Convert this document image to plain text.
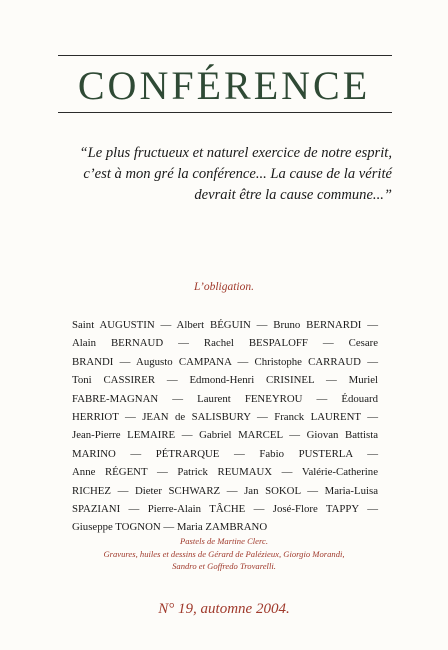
CONFÉRENCE
“Le plus fructueux et naturel exercice de notre esprit,
c’est à mon gré la conférence... La cause de la vérité
devrait être la cause commune...”
L’obligation.
Saint AUGUSTIN — Albert BÉGUIN — Bruno BERNARDI —
Alain BERNAUD — Rachel BESPALOFF — Cesare
BRANDI — Augusto CAMPANA — Christophe CARRAUD —
Toni CASSIRER — Edmond-Henri CRISINEL — Muriel
FABRE-MAGNAN — Laurent FENEYROU — Édouard
HERRIOT — JEAN de SALISBURY — Franck LAURENT —
Jean-Pierre LEMAIRE — Gabriel MARCEL — Giovan Battista
MARINO — PÉTRARQUE — Fabio PUSTERLA —
Anne RÉGENT — Patrick REUMAUX — Valérie-Catherine
RICHEZ — Dieter SCHWARZ — Jan SOKOL — Maria-Luisa
SPAZIANI — Pierre-Alain TÂCHE — José-Flore TAPPY —
Giuseppe TOGNON — Maria ZAMBRANO
Pastels de Martine Clerc.
Gravures, huiles et dessins de Gérard de Palézieux, Giorgio Morandi,
Sandro et Goffredo Trovarelli.
N° 19, automne 2004.
